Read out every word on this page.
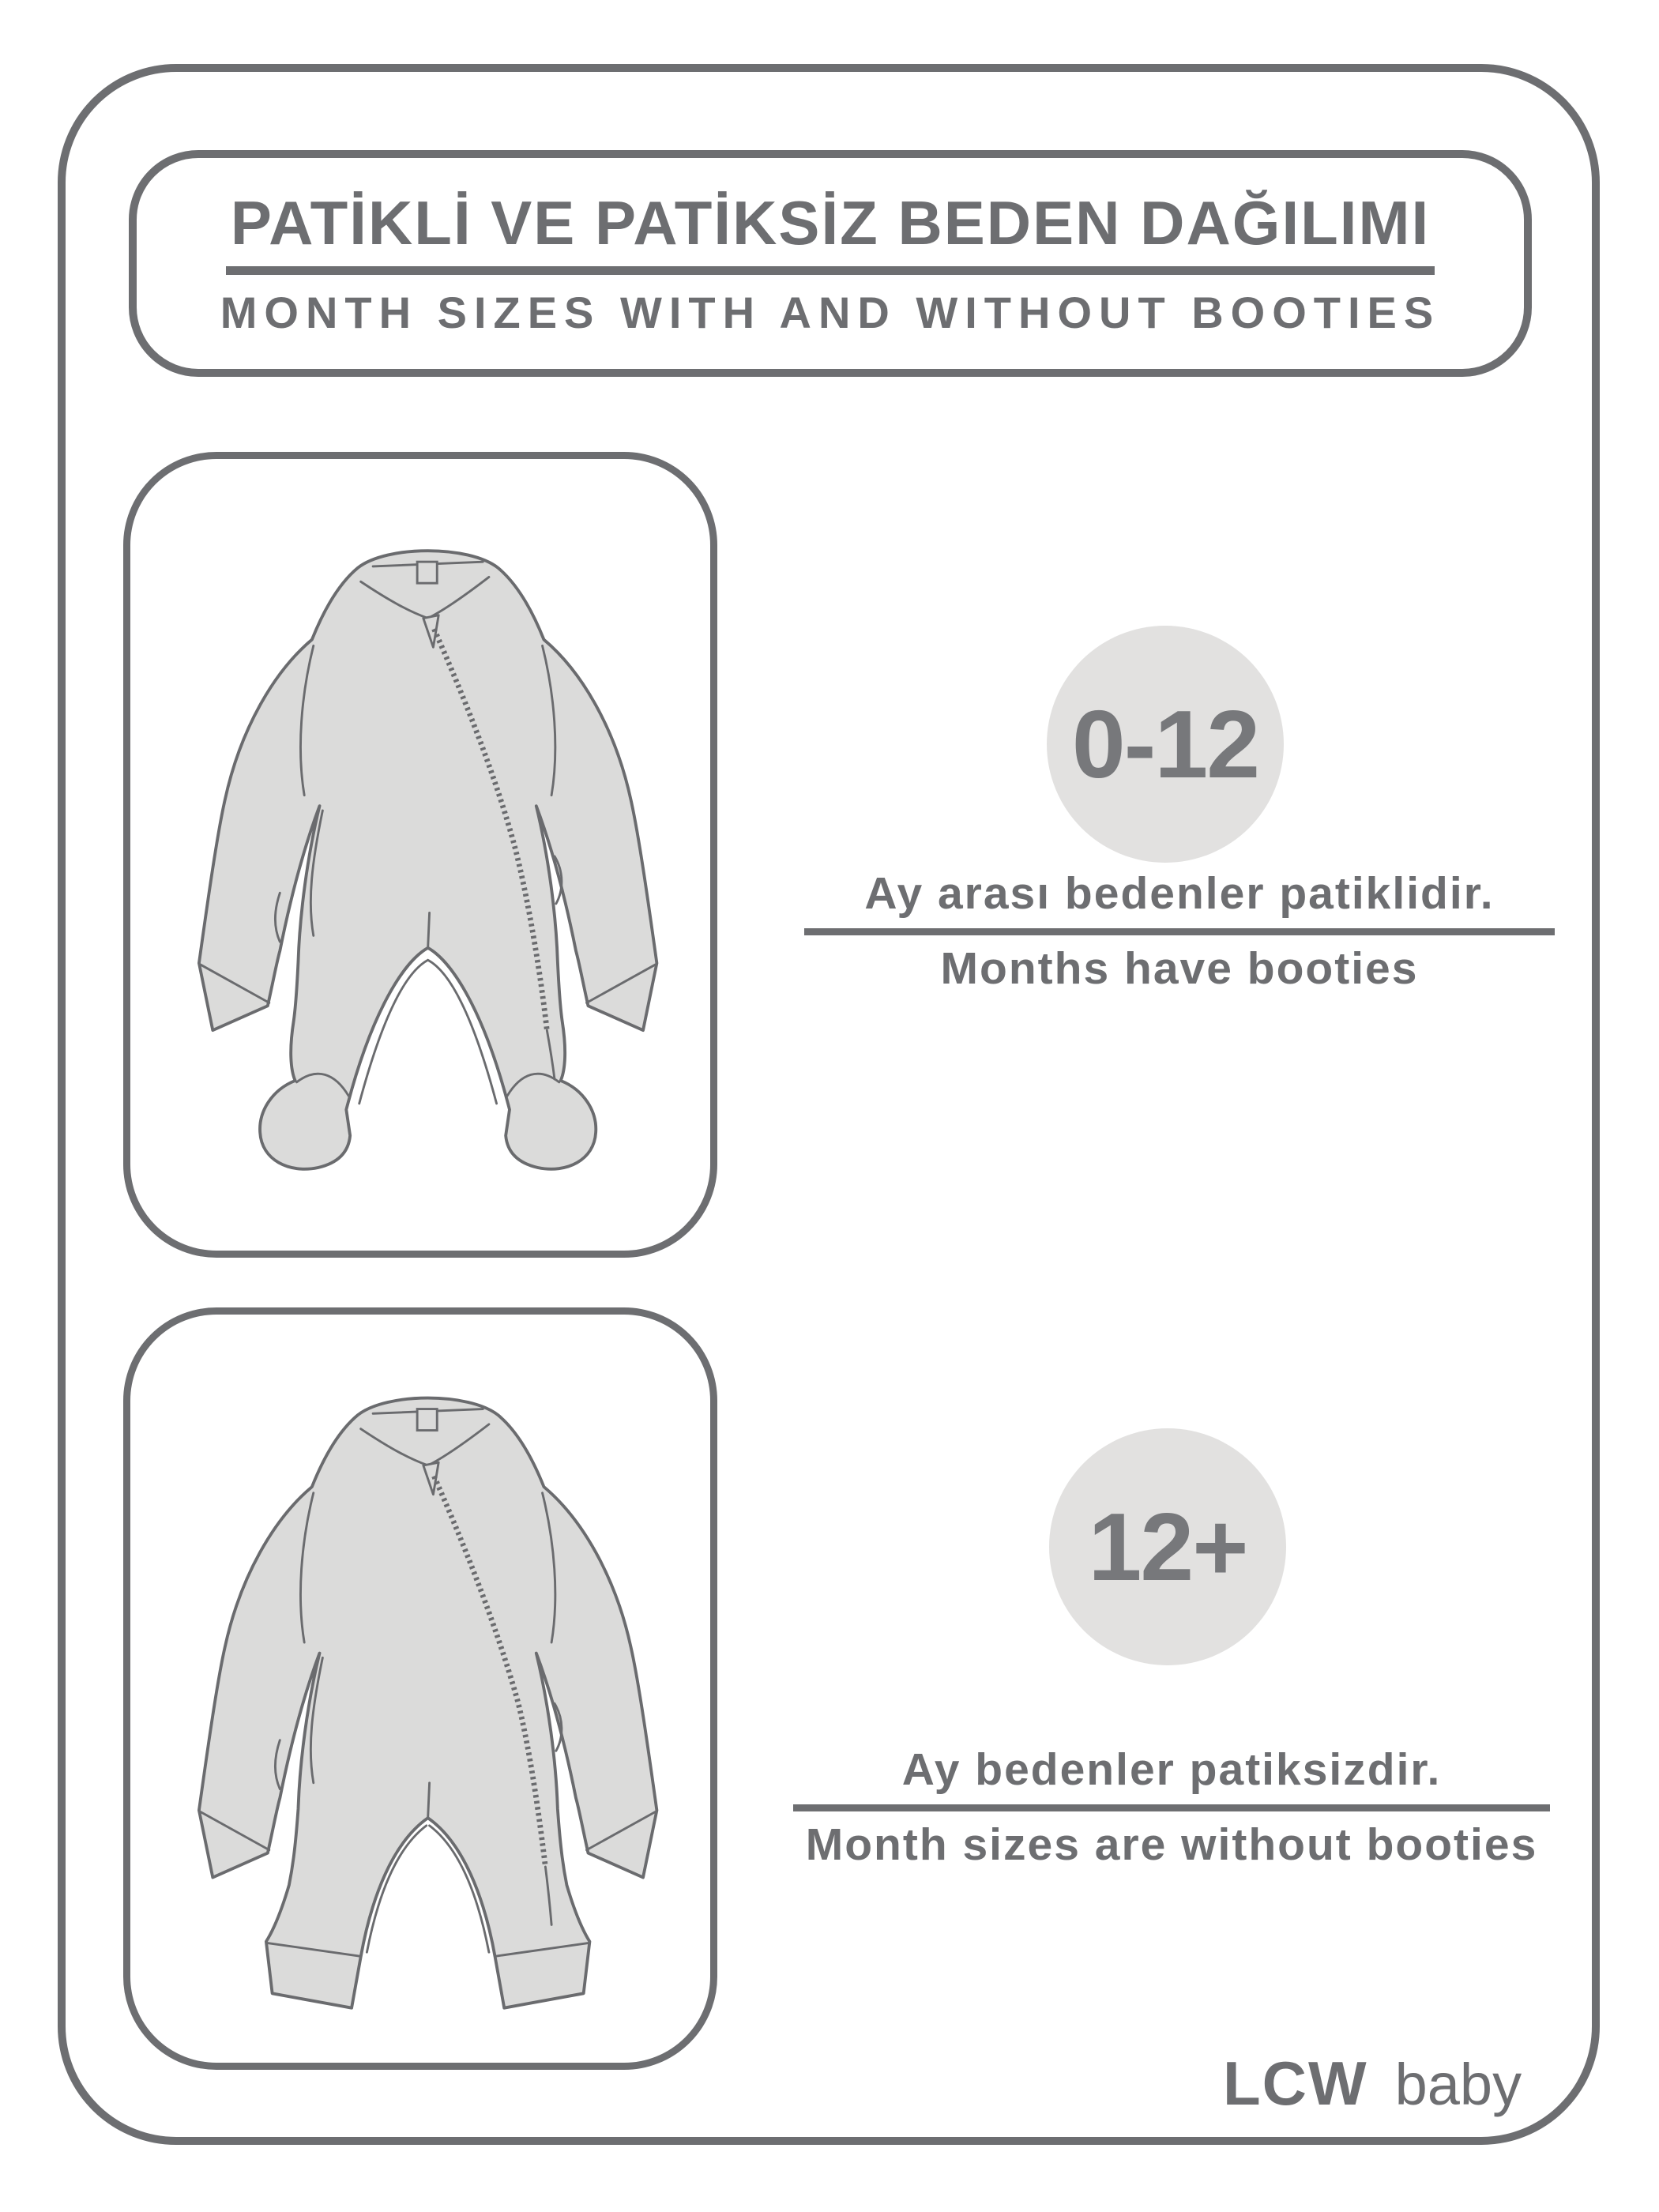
PATİKLİ VE PATİKSİZ BEDEN DAĞILIMI
MONTH SIZES WITH AND WITHOUT BOOTIES
0-12
12+

Ay arası bedenler patiklidir.

Months have booties

Ay bedenler patiksizdir.

Month sizes are without booties

LCW baby
